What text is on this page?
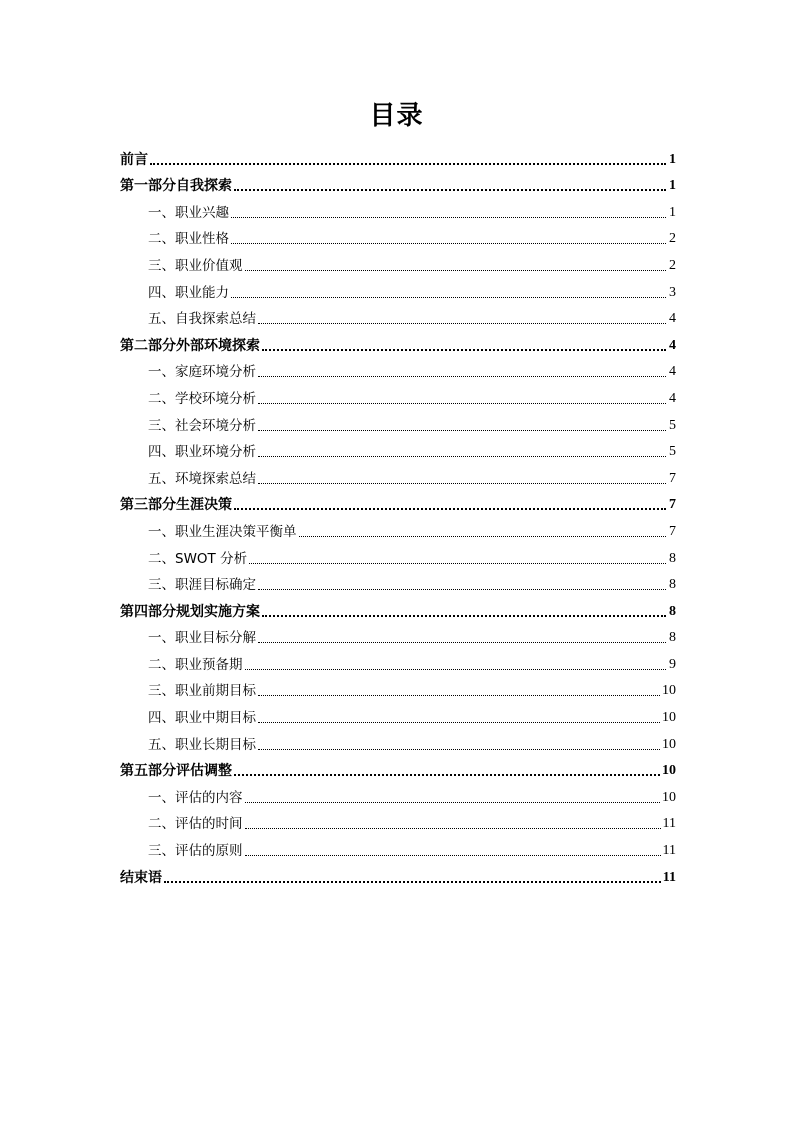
目录
前言	1
第一部分自我探索	1
一、职业兴趣	1
二、职业性格	2
三、职业价值观	2
四、职业能力	3
五、自我探索总结	4
第二部分外部环境探索	4
一、家庭环境分析	4
二、学校环境分析	4
三、社会环境分析	5
四、职业环境分析	5
五、环境探索总结	7
第三部分生涯决策	7
一、职业生涯决策平衡单	7
二、SWOT 分析	8
三、职涯目标确定	8
第四部分规划实施方案	8
一、职业目标分解	8
二、职业预备期	9
三、职业前期目标	10
四、职业中期目标	10
五、职业长期目标	10
第五部分评估调整	10
一、评估的内容	10
二、评估的时间	11
三、评估的原则	11
结束语	11
